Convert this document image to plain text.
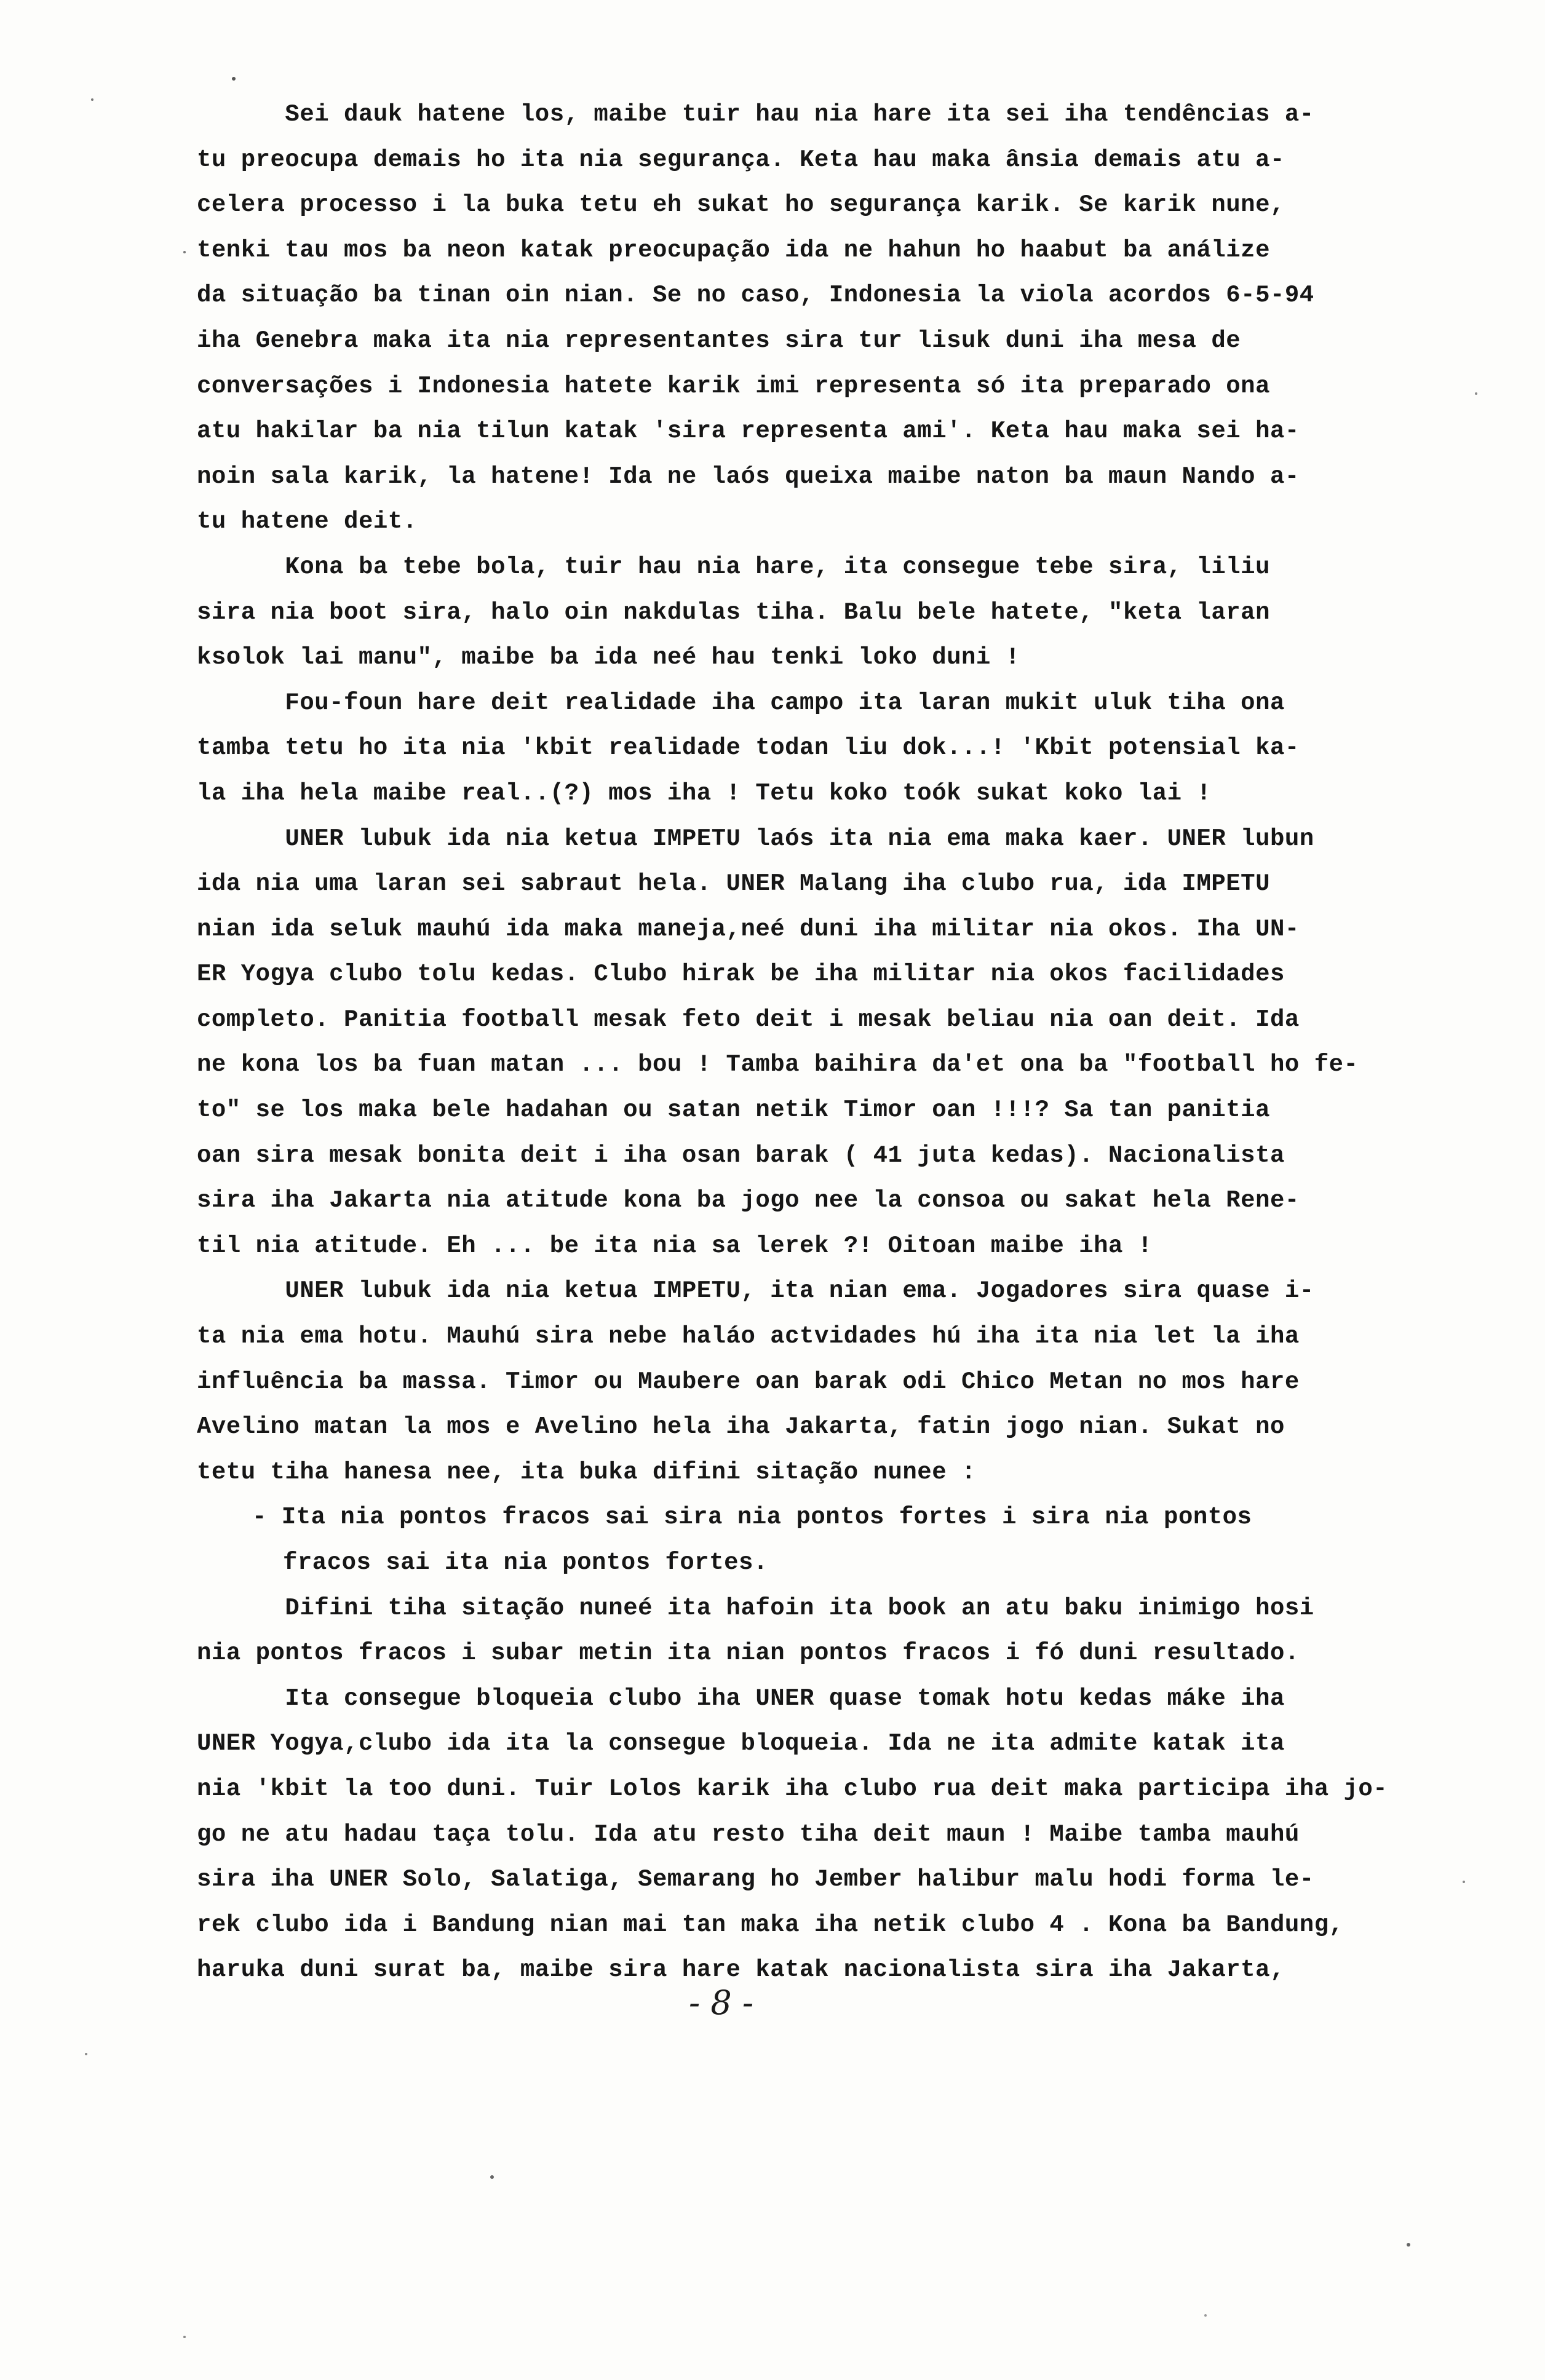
Sei dauk hatene los, maibe tuir hau nia hare ita sei iha tendências a-
tu preocupa demais ho ita nia segurança. Keta hau maka ânsia demais atu a-
celera processo i la buka tetu eh sukat ho segurança karik. Se karik nune,
tenki tau mos ba neon katak preocupação ida ne hahun ho haabut ba análize
da situação ba tinan oin nian. Se no caso, Indonesia la viola acordos 6-5-94
iha Genebra maka ita nia representantes sira tur lisuk duni iha mesa de
conversações i Indonesia hatete karik imi representa só ita preparado ona
atu hakilar ba nia tilun katak 'sira representa ami'. Keta hau maka sei ha-
noin sala karik, la hatene! Ida ne laós queixa maibe naton ba maun Nando a-
tu hatene deit.
Kona ba tebe bola, tuir hau nia hare, ita consegue tebe sira, liliu
sira nia boot sira, halo oin nakdulas tiha. Balu bele hatete, "keta laran
ksolok lai manu", maibe ba ida neé hau tenki loko duni !
Fou-foun hare deit realidade iha campo ita laran mukit uluk tiha ona
tamba tetu ho ita nia 'kbit realidade todan liu dok...! 'Kbit potensial ka-
la iha hela maibe real..(?) mos iha ! Tetu koko toók sukat koko lai !
UNER lubuk ida nia ketua IMPETU laós ita nia ema maka kaer. UNER lubun
ida nia uma laran sei sabraut hela. UNER Malang iha clubo rua, ida IMPETU
nian ida seluk mauhú ida maka maneja,neé duni iha militar nia okos. Iha UN-
ER Yogya clubo tolu kedas. Clubo hirak be iha militar nia okos facilidades
completo. Panitia football mesak feto deit i mesak beliau nia oan deit. Ida
ne kona los ba fuan matan ... bou ! Tamba baihira da'et ona ba "football ho fe-
to" se los maka bele hadahan ou satan netik Timor oan !!!? Sa tan panitia
oan sira mesak bonita deit i iha osan barak ( 41 juta kedas). Nacionalista
sira iha Jakarta nia atitude kona ba jogo nee la consoa ou sakat hela Rene-
til nia atitude. Eh ... be ita nia sa lerek ?! Oitoan maibe iha !
UNER lubuk ida nia ketua IMPETU, ita nian ema. Jogadores sira quase i-
ta nia ema hotu. Mauhú sira nebe haláo actvidades hú iha ita nia let la iha
influência ba massa. Timor ou Maubere oan barak odi Chico Metan no mos hare
Avelino matan la mos e Avelino hela iha Jakarta, fatin jogo nian. Sukat no
tetu tiha hanesa nee, ita buka difini sitação nunee :
- Ita nia pontos fracos sai sira nia pontos fortes i sira nia pontos
fracos sai ita nia pontos fortes.
Difini tiha sitação nuneé ita hafoin ita book an atu baku inimigo hosi
nia pontos fracos i subar metin ita nian pontos fracos i fó duni resultado.
Ita consegue bloqueia clubo iha UNER quase tomak hotu kedas máke iha
UNER Yogya,clubo ida ita la consegue bloqueia. Ida ne ita admite katak ita
nia 'kbit la too duni. Tuir Lolos karik iha clubo rua deit maka participa iha jo-
go ne atu hadau taça tolu. Ida atu resto tiha deit maun ! Maibe tamba mauhú
sira iha UNER Solo, Salatiga, Semarang ho Jember halibur malu hodi forma le-
rek clubo ida i Bandung nian mai tan maka iha netik clubo 4 . Kona ba Bandung,
haruka duni surat ba, maibe sira hare katak nacionalista sira iha Jakarta,
- 8 -
